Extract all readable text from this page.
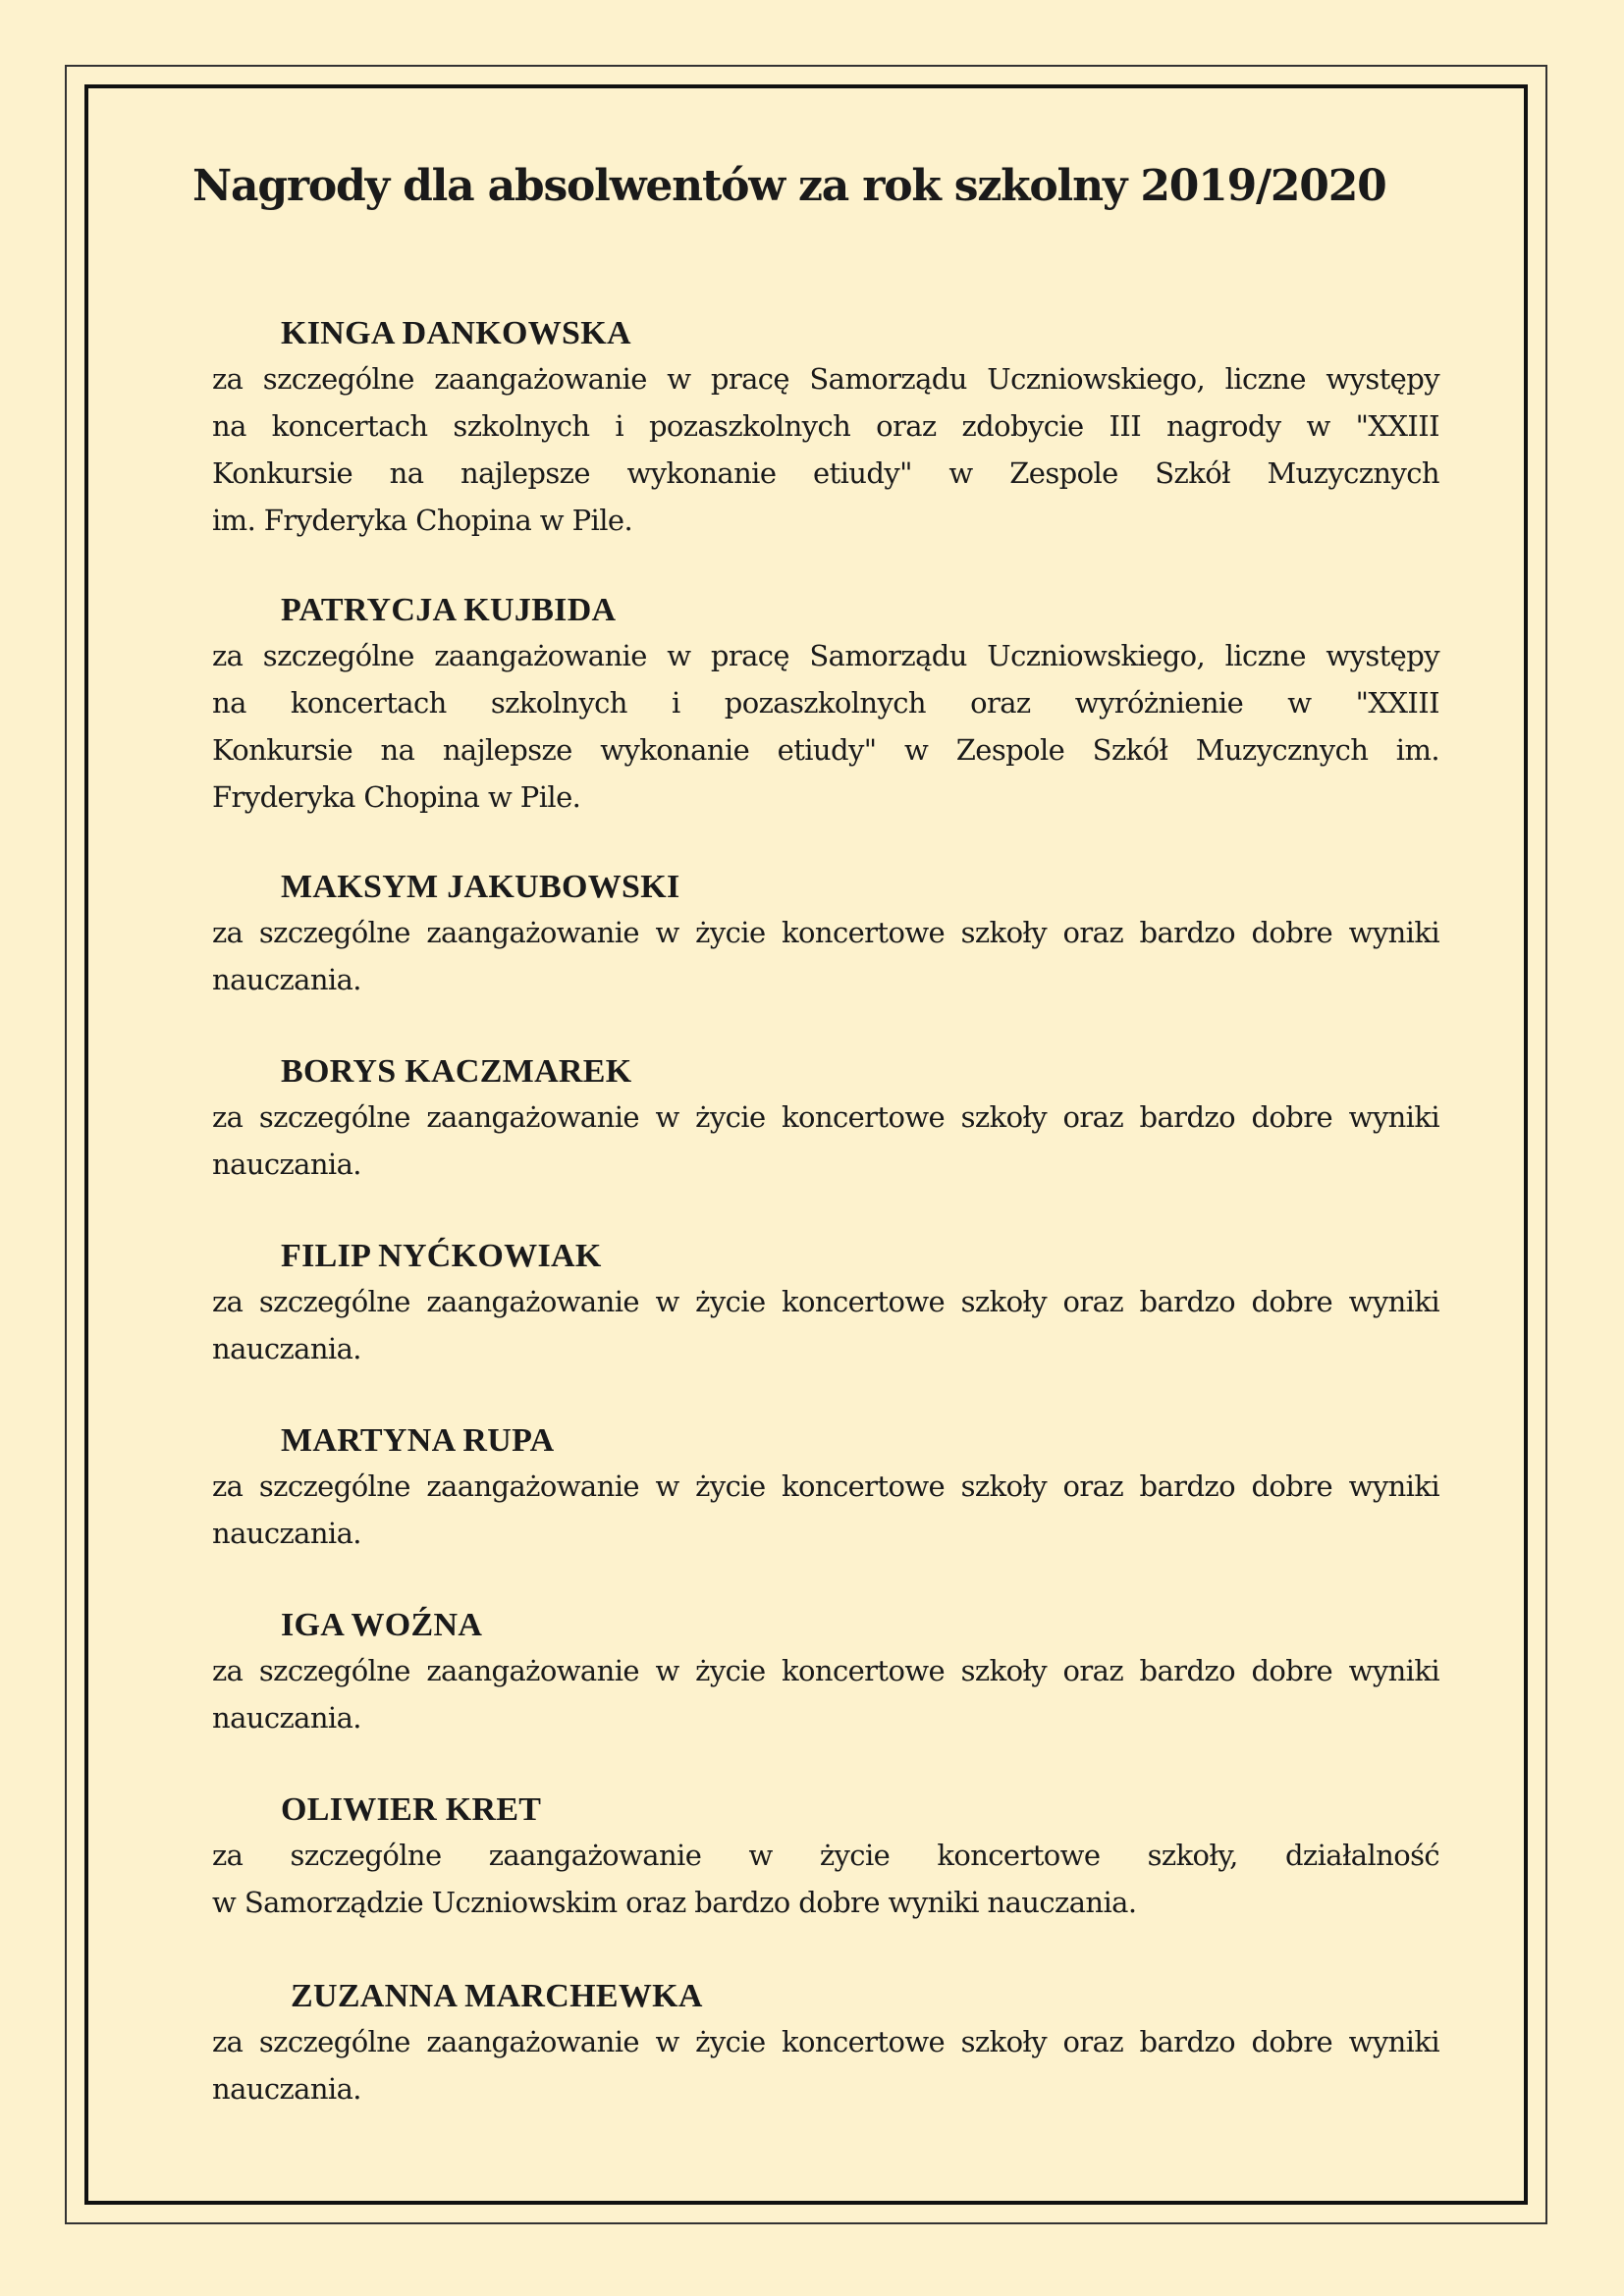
Nagrody dla absolwentów za rok szkolny 2019/2020

KINGA DANKOWSKA

za szczególne zaangażowanie w pracę Samorządu Uczniowskiego, liczne występy

na koncertach szkolnych i pozaszkolnych oraz zdobycie III nagrody w "XXIII

Konkursie na najlepsze wykonanie etiudy" w Zespole Szkół Muzycznych

im. Fryderyka Chopina w Pile.

PATRYCJA KUJBIDA

za szczególne zaangażowanie w pracę Samorządu Uczniowskiego, liczne występy

na koncertach szkolnych i pozaszkolnych oraz wyróżnienie w "XXIII

Konkursie na najlepsze wykonanie etiudy" w Zespole Szkół Muzycznych im.

Fryderyka Chopina w Pile.

MAKSYM JAKUBOWSKI

za szczególne zaangażowanie w życie koncertowe szkoły oraz bardzo dobre wyniki

nauczania.

BORYS KACZMAREK

za szczególne zaangażowanie w życie koncertowe szkoły oraz bardzo dobre wyniki

nauczania.

FILIP NYĆKOWIAK

za szczególne zaangażowanie w życie koncertowe szkoły oraz bardzo dobre wyniki

nauczania.

MARTYNA RUPA

za szczególne zaangażowanie w życie koncertowe szkoły oraz bardzo dobre wyniki

nauczania.

IGA WOŹNA

za szczególne zaangażowanie w życie koncertowe szkoły oraz bardzo dobre wyniki

nauczania.

OLIWIER KRET

za szczególne zaangażowanie w życie koncertowe szkoły, działalność

w Samorządzie Uczniowskim oraz bardzo dobre wyniki nauczania.

ZUZANNA MARCHEWKA

za szczególne zaangażowanie w życie koncertowe szkoły oraz bardzo dobre wyniki

nauczania.
